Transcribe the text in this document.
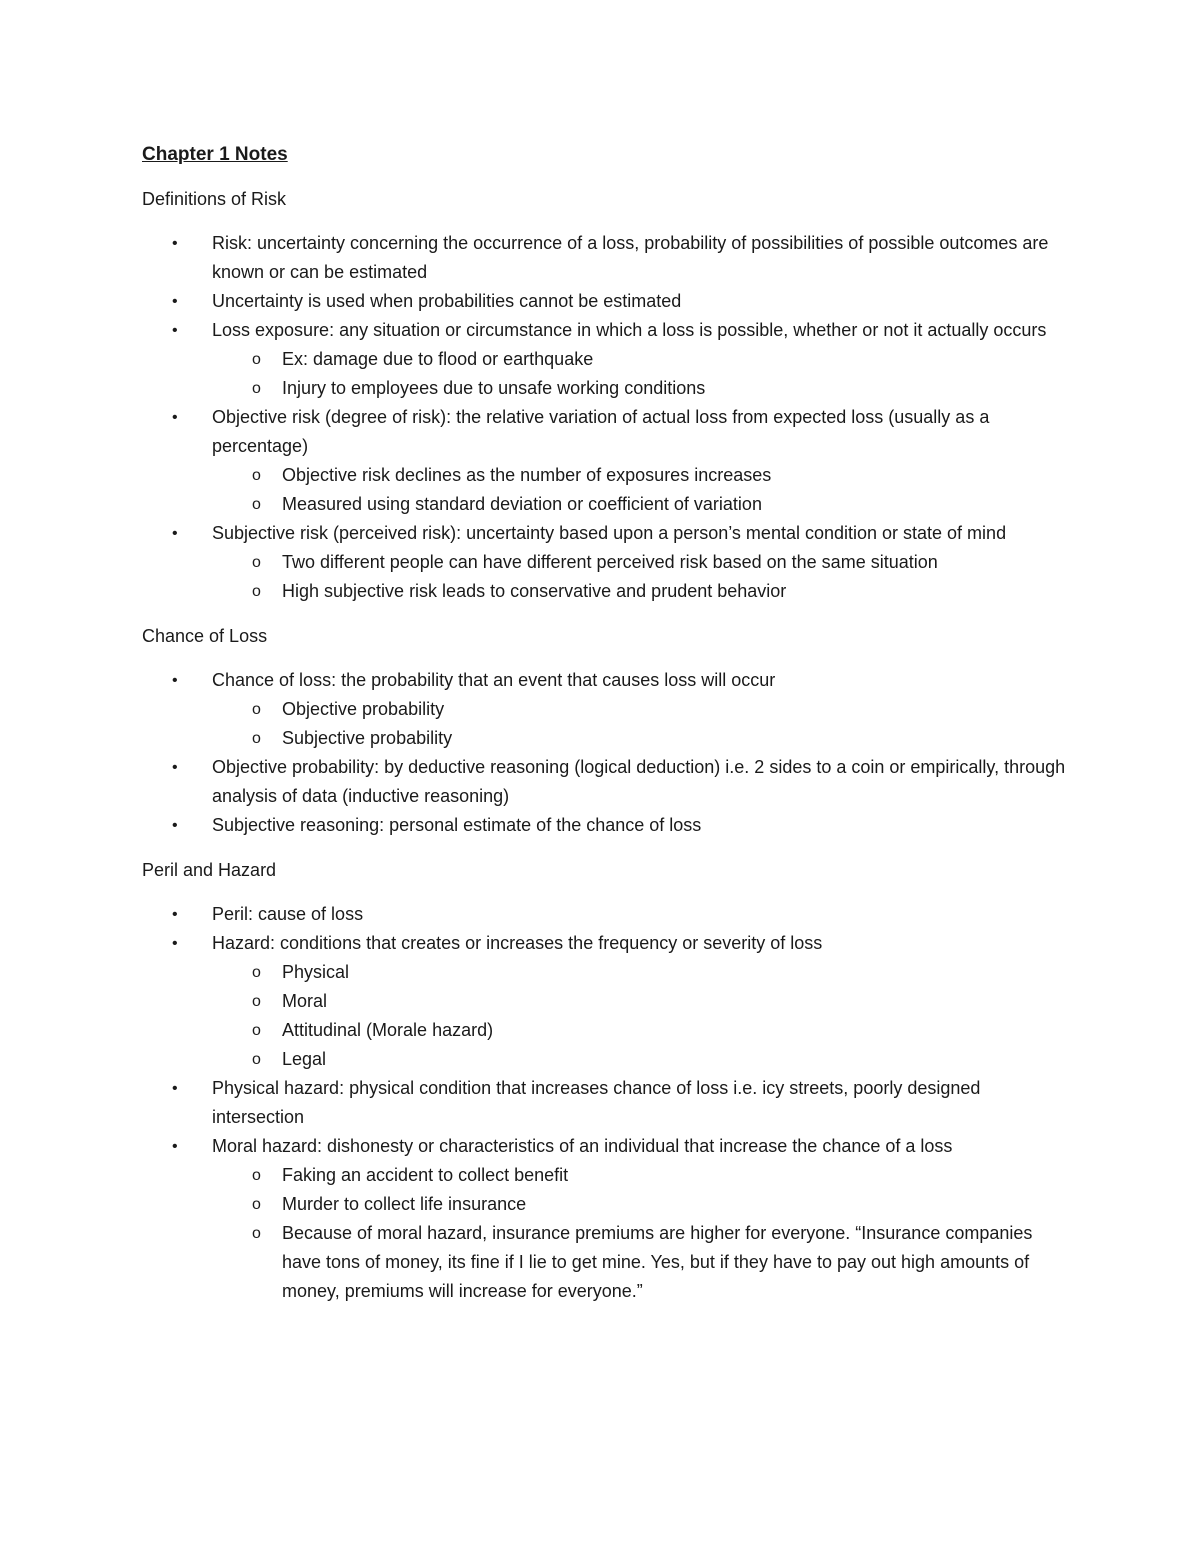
Chapter 1 Notes
Definitions of Risk
• Risk: uncertainty concerning the occurrence of a loss, probability of possibilities of possible outcomes are known or can be estimated
• Uncertainty is used when probabilities cannot be estimated
• Loss exposure: any situation or circumstance in which a loss is possible, whether or not it actually occurs
o Ex: damage due to flood or earthquake
o Injury to employees due to unsafe working conditions
• Objective risk (degree of risk): the relative variation of actual loss from expected loss (usually as a percentage)
o Objective risk declines as the number of exposures increases
o Measured using standard deviation or coefficient of variation
• Subjective risk (perceived risk): uncertainty based upon a person’s mental condition or state of mind
o Two different people can have different perceived risk based on the same situation
o High subjective risk leads to conservative and prudent behavior
Chance of Loss
• Chance of loss: the probability that an event that causes loss will occur
o Objective probability
o Subjective probability
• Objective probability: by deductive reasoning (logical deduction) i.e. 2 sides to a coin or empirically, through analysis of data (inductive reasoning)
• Subjective reasoning: personal estimate of the chance of loss
Peril and Hazard
• Peril: cause of loss
• Hazard: conditions that creates or increases the frequency or severity of loss
o Physical
o Moral
o Attitudinal (Morale hazard)
o Legal
• Physical hazard: physical condition that increases chance of loss i.e. icy streets, poorly designed intersection
• Moral hazard: dishonesty or characteristics of an individual that increase the chance of a loss
o Faking an accident to collect benefit
o Murder to collect life insurance
o Because of moral hazard, insurance premiums are higher for everyone. “Insurance companies have tons of money, its fine if I lie to get mine. Yes, but if they have to pay out high amounts of money, premiums will increase for everyone.”
